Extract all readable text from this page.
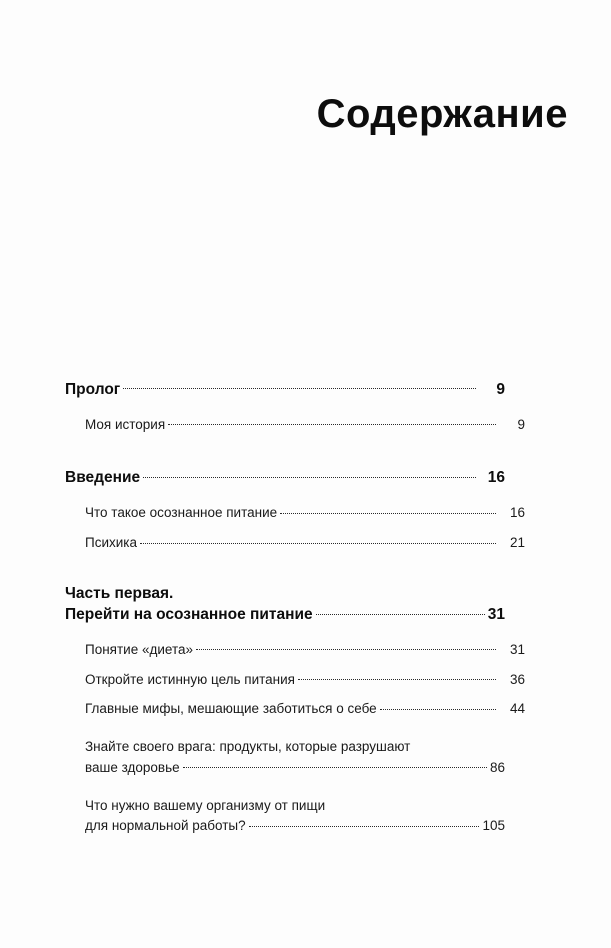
Содержание
Пролог	9
Моя история	9
Введение	16
Что такое осознанное питание	16
Психика	21
Часть первая.
Перейти на осознанное питание	31
Понятие «диета»	31
Откройте истинную цель питания	36
Главные мифы, мешающие заботиться о себе	44
Знайте своего врага: продукты, которые разрушают
ваше здоровье	86
Что нужно вашему организму от пищи
для нормальной работы?	105
